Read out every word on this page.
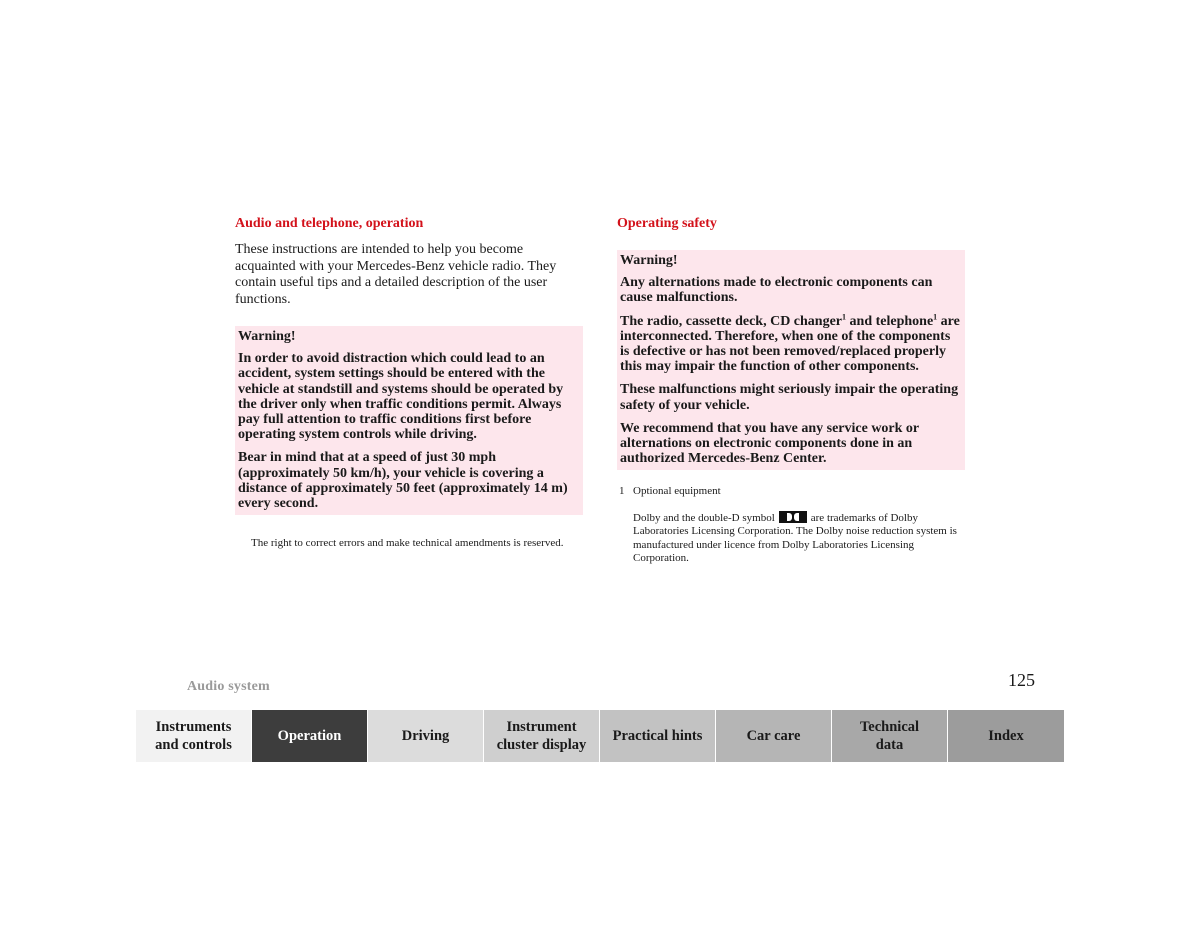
Audio and telephone, operation

These instructions are intended to help you become acquainted with your Mercedes-Benz vehicle radio. They contain useful tips and a detailed description of the user functions.

Warning!

In order to avoid distraction which could lead to an accident, system settings should be entered with the vehicle at standstill and systems should be operated by the driver only when traffic conditions permit. Always pay full attention to traffic conditions first before operating system controls while driving.

Bear in mind that at a speed of just 30 mph (approximately 50 km/h), your vehicle is covering a distance of approximately 50 feet (approximately 14 m) every second.

The right to correct errors and make technical amendments is reserved.

Operating safety

Warning!

Any alternations made to electronic components can cause malfunctions.

The radio, cassette deck, CD changer$^1$ and telephone$^1$ are interconnected. Therefore, when one of the components is defective or has not been removed/replaced properly this may impair the function of other components.

These malfunctions might seriously impair the operating safety of your vehicle.

We recommend that you have any service work or alternations on electronic components done in an authorized Mercedes-Benz Center.

1 Optional equipment
Dolby and the double-D symbol	are trademarks of Dolby Laboratories Licensing Corporation. The Dolby noise reduction system is manufactured under licence from Dolby Laboratories Licensing Corporation.
Audio system	125
Instruments
and controls
Operation	Driving
Instrument
cluster display
Practical hints	Car care
Technical
data
Index
